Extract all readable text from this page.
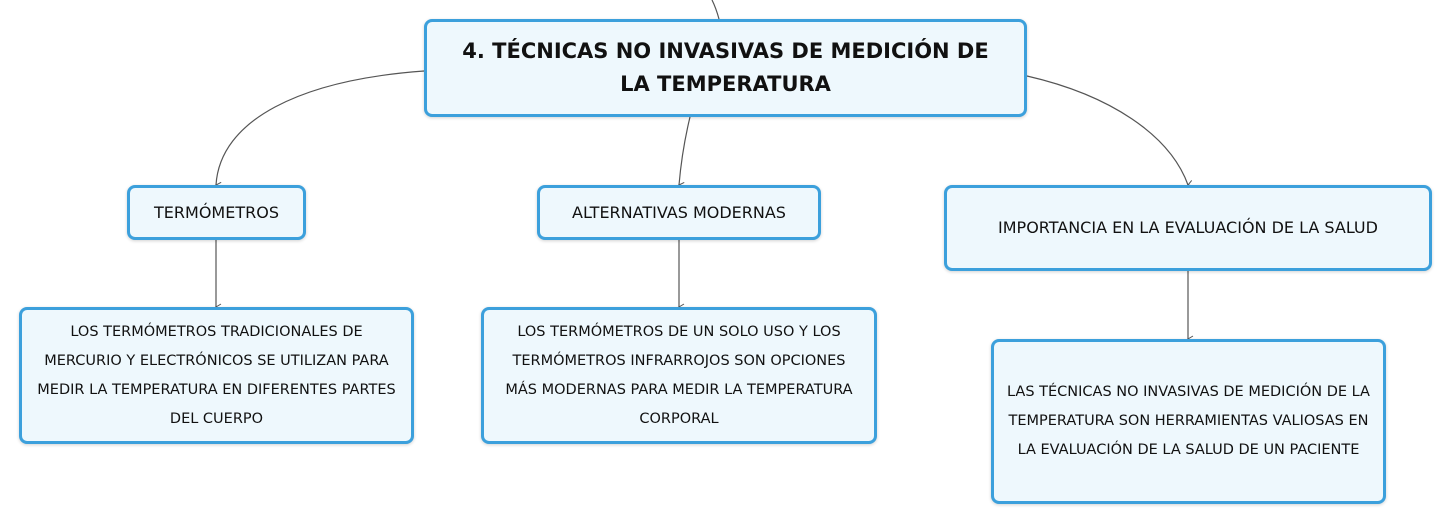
4. TÉCNICAS NO INVASIVAS DE MEDICIÓN DE LA TEMPERATURA
TERMÓMETROS	ALTERNATIVAS MODERNAS
IMPORTANCIA EN LA EVALUACIÓN DE LA SALUD
LOS TERMÓMETROS TRADICIONALES DE MERCURIO Y ELECTRÓNICOS SE UTILIZAN PARA MEDIR LA TEMPERATURA EN DIFERENTES PARTES DEL CUERPO
LOS TERMÓMETROS DE UN SOLO USO Y LOS TERMÓMETROS INFRARROJOS SON OPCIONES MÁS MODERNAS PARA MEDIR LA TEMPERATURA CORPORAL
LAS TÉCNICAS NO INVASIVAS DE MEDICIÓN DE LA TEMPERATURA SON HERRAMIENTAS VALIOSAS EN LA EVALUACIÓN DE LA SALUD DE UN PACIENTE
